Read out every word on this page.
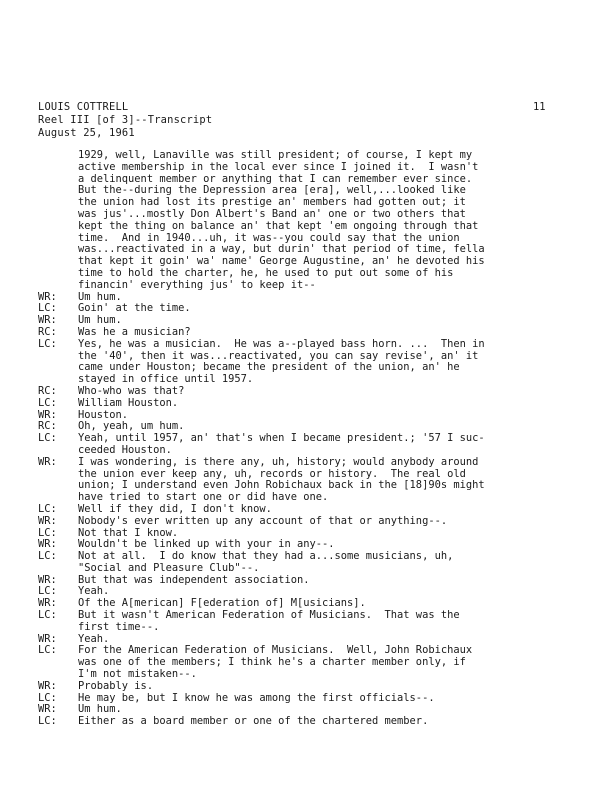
LOUIS COTTRELL
Reel III [of 3]--Transcript
August 25, 1961
11
1929, well, Lanaville was still president; of course, I kept my
active membership in the local ever since I joined it.  I wasn't
a delinquent member or anything that I can remember ever since.
But the--during the Depression area [era], well,...looked like
the union had lost its prestige an' members had gotten out; it
was jus'...mostly Don Albert's Band an' one or two others that
kept the thing on balance an' that kept 'em ongoing through that
time.  And in 1940...uh, it was--you could say that the union
was...reactivated in a way, but durin' that period of time, fella
that kept it goin' wa' name' George Augustine, an' he devoted his
time to hold the charter, he, he used to put out some of his
financin' everything jus' to keep it--
WR: Um hum.
LC: Goin' at the time.
WR: Um hum.
RC: Was he a musician?
LC: Yes, he was a musician.  He was a--played bass horn. ...  Then in
the '40', then it was...reactivated, you can say revise', an' it
came under Houston; became the president of the union, an' he
stayed in office until 1957.
RC: Who-who was that?
LC: William Houston.
WR: Houston.
RC: Oh, yeah, um hum.
LC: Yeah, until 1957, an' that's when I became president.; '57 I suc-
ceeded Houston.
WR: I was wondering, is there any, uh, history; would anybody around
the union ever keep any, uh, records or history.  The real old
union; I understand even John Robichaux back in the [18]90s might
have tried to start one or did have one.
LC: Well if they did, I don't know.
WR: Nobody's ever written up any account of that or anything--.
LC: Not that I know.
WR: Wouldn't be linked up with your in any--.
LC: Not at all.  I do know that they had a...some musicians, uh,
"Social and Pleasure Club"--.
WR: But that was independent association.
LC: Yeah.
WR: Of the A[merican] F[ederation of] M[usicians].
LC: But it wasn't American Federation of Musicians.  That was the
first time--.
WR: Yeah.
LC: For the American Federation of Musicians.  Well, John Robichaux
was one of the members; I think he's a charter member only, if
I'm not mistaken--.
WR: Probably is.
LC: He may be, but I know he was among the first officials--.
WR: Um hum.
LC: Either as a board member or one of the chartered member.
